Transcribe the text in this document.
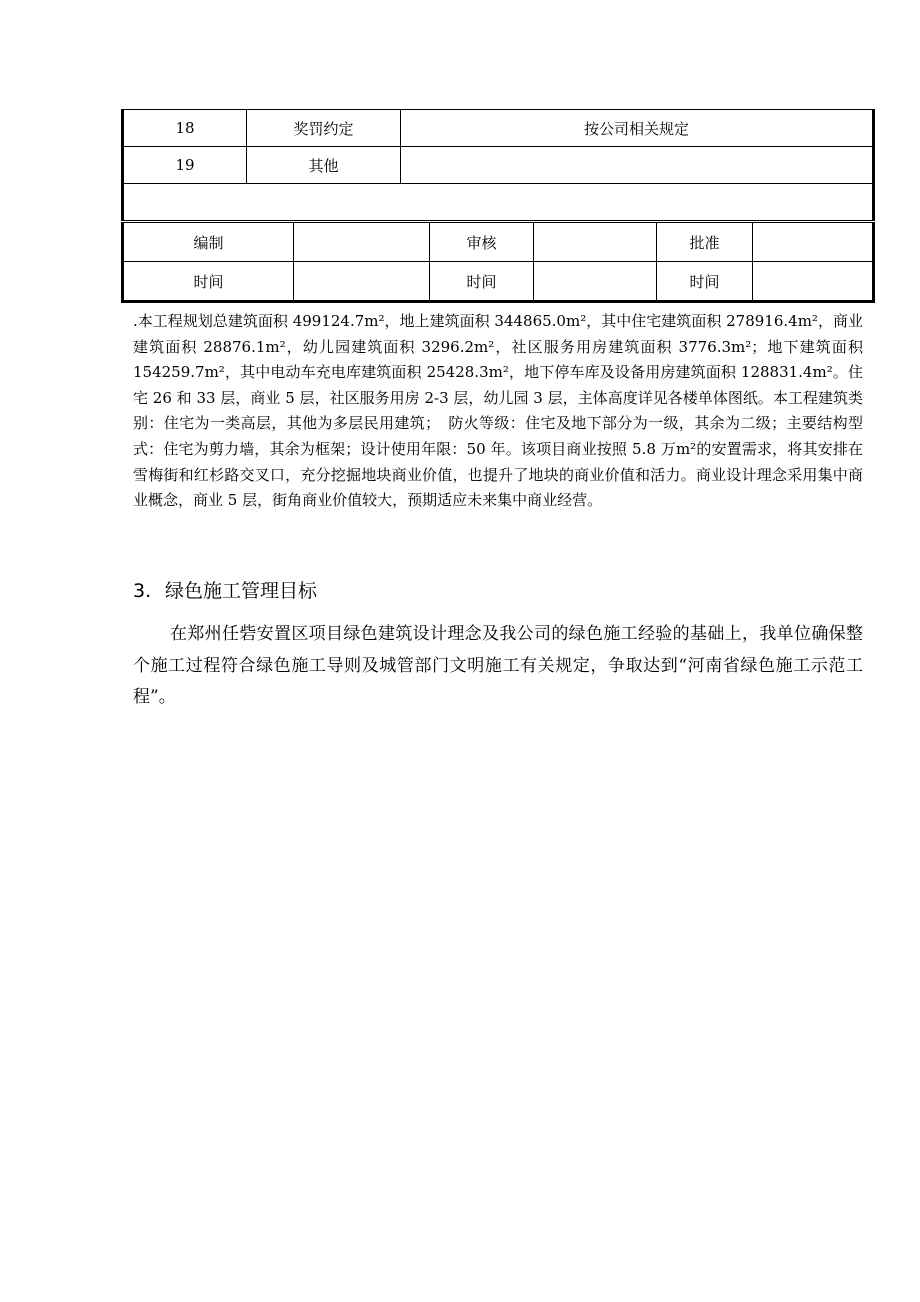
18	奖罚约定	按公司相关规定
19	其他	

编制		审核		批准	
时间		时间		时间	
.本工程规划总建筑面积 499124.7m²，地上建筑面积 344865.0m²，其中住宅建筑面积 278916.4m²，商业建筑面积 28876.1m²，幼儿园建筑面积 3296.2m²，社区服务用房建筑面积 3776.3m²；地下建筑面积 154259.7m²，其中电动车充电库建筑面积 25428.3m²，地下停车库及设备用房建筑面积 128831.4m²。住宅 26 和 33 层，商业 5 层，社区服务用房 2-3 层，幼儿园 3 层，主体高度详见各楼单体图纸。本工程建筑类别：住宅为一类高层，其他为多层民用建筑；　防火等级：住宅及地下部分为一级，其余为二级；主要结构型式：住宅为剪力墙，其余为框架；设计使用年限：50 年。该项目商业按照 5.8 万m²的安置需求，将其安排在雪梅街和红杉路交叉口，充分挖掘地块商业价值，也提升了地块的商业价值和活力。商业设计理念采用集中商业概念，商业 5 层，街角商业价值较大，预期适应未来集中商业经营。
3. 绿色施工管理目标
在郑州任砦安置区项目绿色建筑设计理念及我公司的绿色施工经验的基础上，我单位确保整个施工过程符合绿色施工导则及城管部门文明施工有关规定，争取达到“河南省绿色施工示范工程”。
